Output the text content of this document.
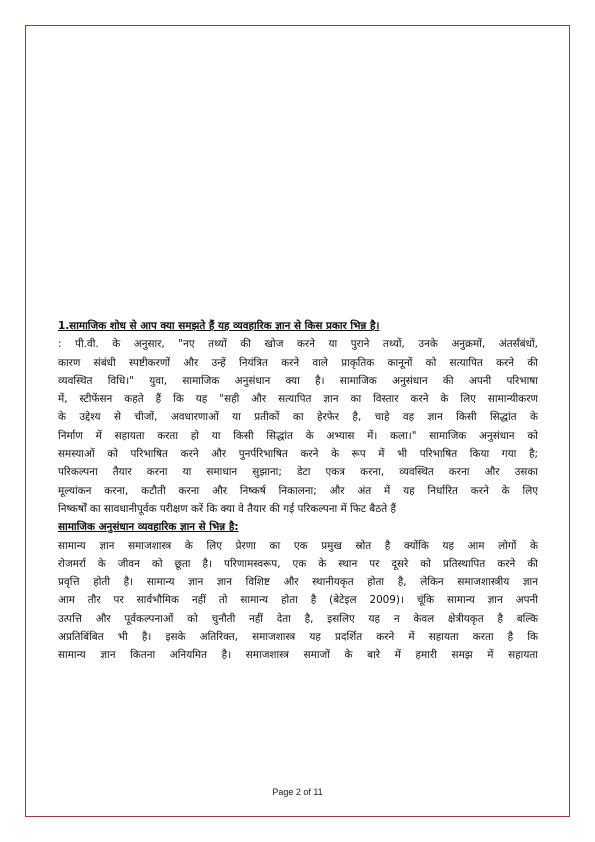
1.सामाजिक शोध से आप क्या समझते हैं यह व्यवहारिक ज्ञान से किस प्रकार भिन्न है।
: पी.वी. के अनुसार, "नए तथ्यों की खोज करने या पुराने तथ्यों, उनके अनुक्रमों, अंतर्संबंधों,
कारण संबंधी स्पष्टीकरणों और उन्हें नियंत्रित करने वाले प्राकृतिक कानूनों को सत्यापित करने की
व्यवस्थित विधि।" युवा, सामाजिक अनुसंधान क्या है। सामाजिक अनुसंधान की अपनी परिभाषा
में, स्टीफेंसन कहते हैं कि यह "सही और सत्यापित ज्ञान का विस्तार करने के लिए सामान्यीकरण
के उद्देश्य से चीजों, अवधारणाओं या प्रतीकों का हेरफेर है, चाहे वह ज्ञान किसी सिद्धांत के
निर्माण में सहायता करता हो या किसी सिद्धांत के अभ्यास में। कला।" सामाजिक अनुसंधान को
समस्याओं को परिभाषित करने और पुनर्परिभाषित करने के रूप में भी परिभाषित किया गया है;
परिकल्पना तैयार करना या समाधान सुझाना; डेटा एकत्र करना, व्यवस्थित करना और उसका
मूल्यांकन करना, कटौती करना और निष्कर्ष निकालना; और अंत में यह निर्धारित करने के लिए
निष्कर्षों का सावधानीपूर्वक परीक्षण करें कि क्या वे तैयार की गई परिकल्पना में फिट बैठते हैं
सामाजिक अनुसंधान व्यवहारिक ज्ञान से भिन्न है:
सामान्य ज्ञान समाजशास्त्र के लिए प्रेरणा का एक प्रमुख स्रोत है क्योंकि यह आम लोगों के
रोजमर्रा के जीवन को छूता है। परिणामस्वरूप, एक के स्थान पर दूसरे को प्रतिस्थापित करने की
प्रवृत्ति होती है। सामान्य ज्ञान ज्ञान विशिष्ट और स्थानीयकृत होता है, लेकिन समाजशास्त्रीय ज्ञान
आम तौर पर सार्वभौमिक नहीं तो सामान्य होता है (बेटेइल 2009)। चूंकि सामान्य ज्ञान अपनी
उत्पत्ति और पूर्वकल्पनाओं को चुनौती नहीं देता है, इसलिए यह न केवल क्षेत्रीयकृत है बल्कि
अप्रतिबिंबित भी है। इसके अतिरिक्त, समाजशास्त्र यह प्रदर्शित करने में सहायता करता है कि
सामान्य ज्ञान कितना अनियमित है। समाजशास्त्र समाजों के बारे में हमारी समझ में सहायता
Page 2 of 11
